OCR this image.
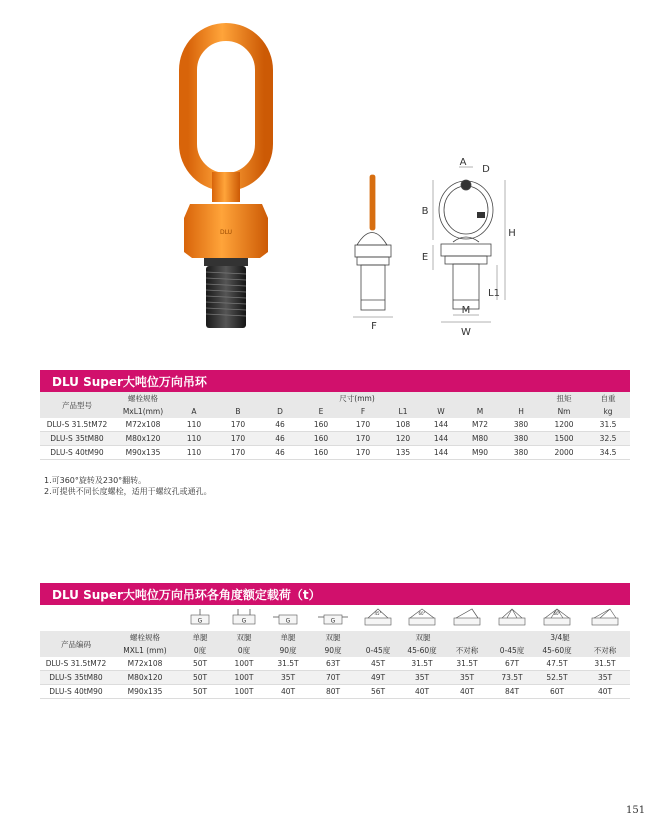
DLU
A
D
B
H
E
L1
M
F
W
DLU Super大吨位万向吊环
产品型号	螺栓规格	尺寸(mm)									扭矩	自重
	MxL1(mm)	A	B	D	E	F	L1	W	M	H	Nm	kg
DLU-S 31.5tM72	M72x108	110	170	46	160	170	108	144	M72	380	1200	31.5
DLU-S 35tM80	M80x120	110	170	46	160	170	120	144	M80	380	1500	32.5
DLU-S 40tM90	M90x135	110	170	46	160	170	135	144	M90	380	2000	34.5
1.可360°旋转及230°翻转。
2.可提供不同长度螺栓，适用于螺纹孔或通孔。
DLU Super大吨位万向吊环各角度额定载荷（t）

G	G	G	G	45°	60°			60°

产品编码	螺栓规格	单腿	双腿	单腿	双腿	双腿			3/4腿		
	MXL1 (mm)	0度	0度	90度	90度	0-45度	45-60度	不对称	0-45度	45-60度	不对称
DLU-S 31.5tM72	M72x108	50T	100T	31.5T	63T	45T	31.5T	31.5T	67T	47.5T	31.5T
DLU-S 35tM80	M80x120	50T	100T	35T	70T	49T	35T	35T	73.5T	52.5T	35T
DLU-S 40tM90	M90x135	50T	100T	40T	80T	56T	40T	40T	84T	60T	40T
151
